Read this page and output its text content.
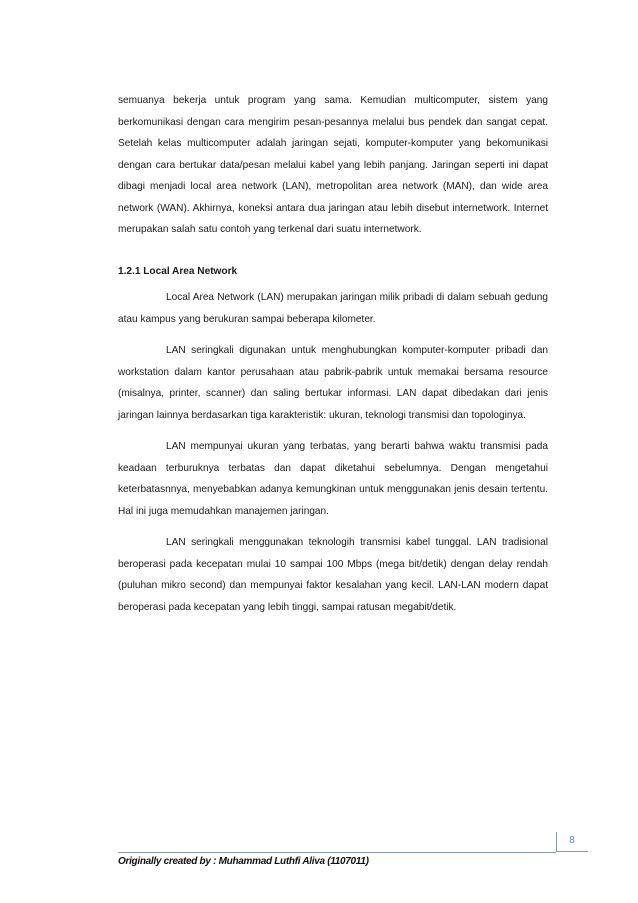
semuanya bekerja untuk program yang sama. Kemudian multicomputer, sistem yang berkomunikasi dengan cara mengirim pesan-pesannya melalui bus pendek dan sangat cepat. Setelah kelas multicomputer adalah jaringan sejati, komputer-komputer yang bekomunikasi dengan cara bertukar data/pesan melalui kabel yang lebih panjang. Jaringan seperti ini dapat dibagi menjadi local area network (LAN), metropolitan area network (MAN), dan wide area network (WAN). Akhirnya, koneksi antara dua jaringan atau lebih disebut internetwork. Internet merupakan salah satu contoh yang terkenal dari suatu internetwork.

1.2.1 Local Area Network

Local Area Network (LAN) merupakan jaringan milik pribadi di dalam sebuah gedung atau kampus yang berukuran sampai beberapa kilometer.

LAN seringkali digunakan untuk menghubungkan komputer-komputer pribadi dan workstation dalam kantor perusahaan atau pabrik-pabrik untuk memakai bersama resource (misalnya, printer, scanner) dan saling bertukar informasi. LAN dapat dibedakan dari jenis jaringan lainnya berdasarkan tiga karakteristik: ukuran, teknologi transmisi dan topologinya.

LAN mempunyai ukuran yang terbatas, yang berarti bahwa waktu transmisi pada keadaan terburuknya terbatas dan dapat diketahui sebelumnya. Dengan mengetahui keterbatasnnya, menyebabkan adanya kemungkinan untuk menggunakan jenis desain tertentu. Hal ini juga memudahkan manajemen jaringan.

LAN seringkali menggunakan teknologih transmisi kabel tunggal. LAN tradisional beroperasi pada kecepatan mulai 10 sampai 100 Mbps (mega bit/detik) dengan delay rendah (puluhan mikro second) dan mempunyai faktor kesalahan yang kecil. LAN-LAN modern dapat beroperasi pada kecepatan yang lebih tinggi, sampai ratusan megabit/detik.

8
Originally created by : Muhammad Luthfi Aliva (1107011)
